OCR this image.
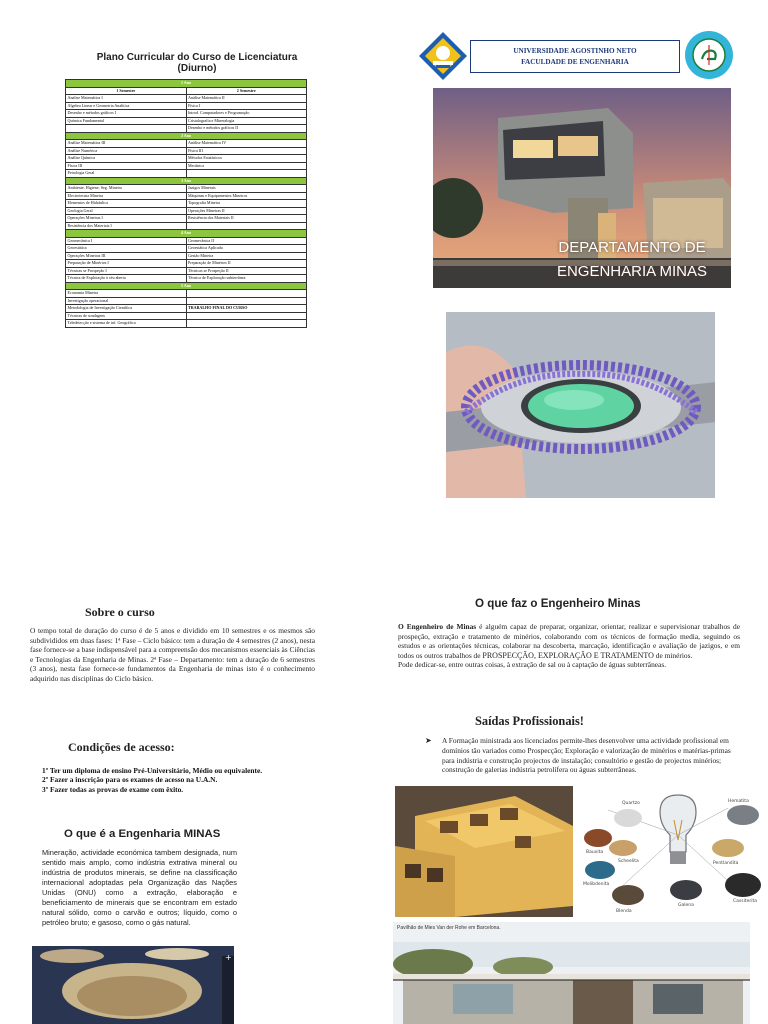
Plano Curricular do Curso de Licenciatura (Diurno)
1 Ano	
1 Semestre	2 Semestre
Analise Matemática I	Análise Matemática II
Algebra Linear e Geometria Analitica	Física I
Desenho e métodos gráficos I	Introd. Computadores e Programação
Química Fundamental	Cristalografia e Mineralogia
	Desenho e métodos gráficos II
2 Ano	
Análise Matemática III	Análise Matemática IV
Análise Numérica	Física III
Análise Química	Métodos Estatísticos
Física III	Mecânica
Petrologia Geral	
3 Ano	
Ambiente, Higiene, Seg. Mineira	Jazigos Minerais
Electrotecnia Mineira	Máquinas e Equipamentos Mineiros
Elementos de Hidráulica	Topografia Mineira
Geologia Geral	Operações Mineiras II
Operações Mineiras I	Resistência dos Materiais II
Resistência dos Materiais I	
4 Ano	
Geomecânica I	Geomecânica II
Geoestática	Geoestática Aplicada
Operações Mineiras III	Gestão Mineira
Preparação de Minérios I	Preparação de Minérios II
Técnicas se Prospeção I	Técnicas se Prospeção II
Técnica de Exploração à céu aberto	Técnica de Exploração subterrânea
5 Ano	
Economia Mineira	
Investigação operacional	
Metodologia de Investigação Científica	TRABALHO FINAL DO CURSO
Técnicas de sondagens	
Teledetecção e sistema de inf. Geográfica	
UNIVERSIDADE AGOSTINHO NETO
FACULDADE DE ENGENHARIA
DEPARTAMENTO DE
ENGENHARIA MINAS
Sobre o curso

O tempo total de duração do curso é de 5 anos e dividido em 10 semestres e os mesmos são subdivididos em duas fases: 1ª Fase – Ciclo básico: tem a duração de 4 semestres (2 anos), nesta fase fornece-se a base indispensável para a compreensão dos mecanismos essenciais às Ciências e Tecnologias da Engenharia de Minas. 2ª Fase – Departamento: tem a duração de 6 semestres (3 anos), nesta fase fornece-se fundamentos da Engenharia de minas isto é o conhecimento adquirido nas disciplinas do Ciclo básico.

Condições de acesso:
1º Ter um diploma de ensino Pré-Universitário, Médio ou equivalente.
2º Fazer a inscrição para os exames de acesso na U.A.N.
3º Fazer todas as provas de exame com êxito.
O que é a Engenharia MINAS

Mineração, actividade económica tambem designada, num sentido mais amplo, como indústria extrativa mineral ou indústria de produtos minerais, se define na classificação internacional adoptadas pela Organização das Nações Unidas (ONU) como a extração, elaboração e beneficiamento de minerais que se encontram em estado natural sólido, como o carvão e outros; líquido, como o petróleo bruto; e gasoso, como o gás natural.

+
O que faz o Engenheiro Minas
O Engenheiro de Minas é alguém capaz de preparar, organizar, orientar, realizar e supervisionar trabalhos de prospeção, extração e tratamento de minérios, colaborando com os técnicos de formação media, seguindo os estudos e as orientações técnicas, colaborar na descoberta, marcação, identificação e avaliação de jazigos, e em todos os outros trabalhos de PROSPECÇÃO, EXPLORAÇÃO E TRATAMENTO de minérios.
Pode dedicar-se, entre outras coisas, à extração de sal ou à captação de águas subterrâneas.
Saídas Profissionais!
➤ A Formação ministrada aos licenciados permite-lhes desenvolver uma actividade profissional em domínios tão variados como Prospecção; Exploração e valorização de minérios e matérias-primas para indústria e construção projectos de instalação; consultório e gestão de projectos minérios; construção de galerias indústria petrolífera ou águas subterrâneas.
Quartzo	Hematita
Bauxita
Scheelita	Pentlandita
Molibdenita
Blenda
Galena
Cassiterita
Pavilhão de Mies Van der Rohe em Barcelona.
